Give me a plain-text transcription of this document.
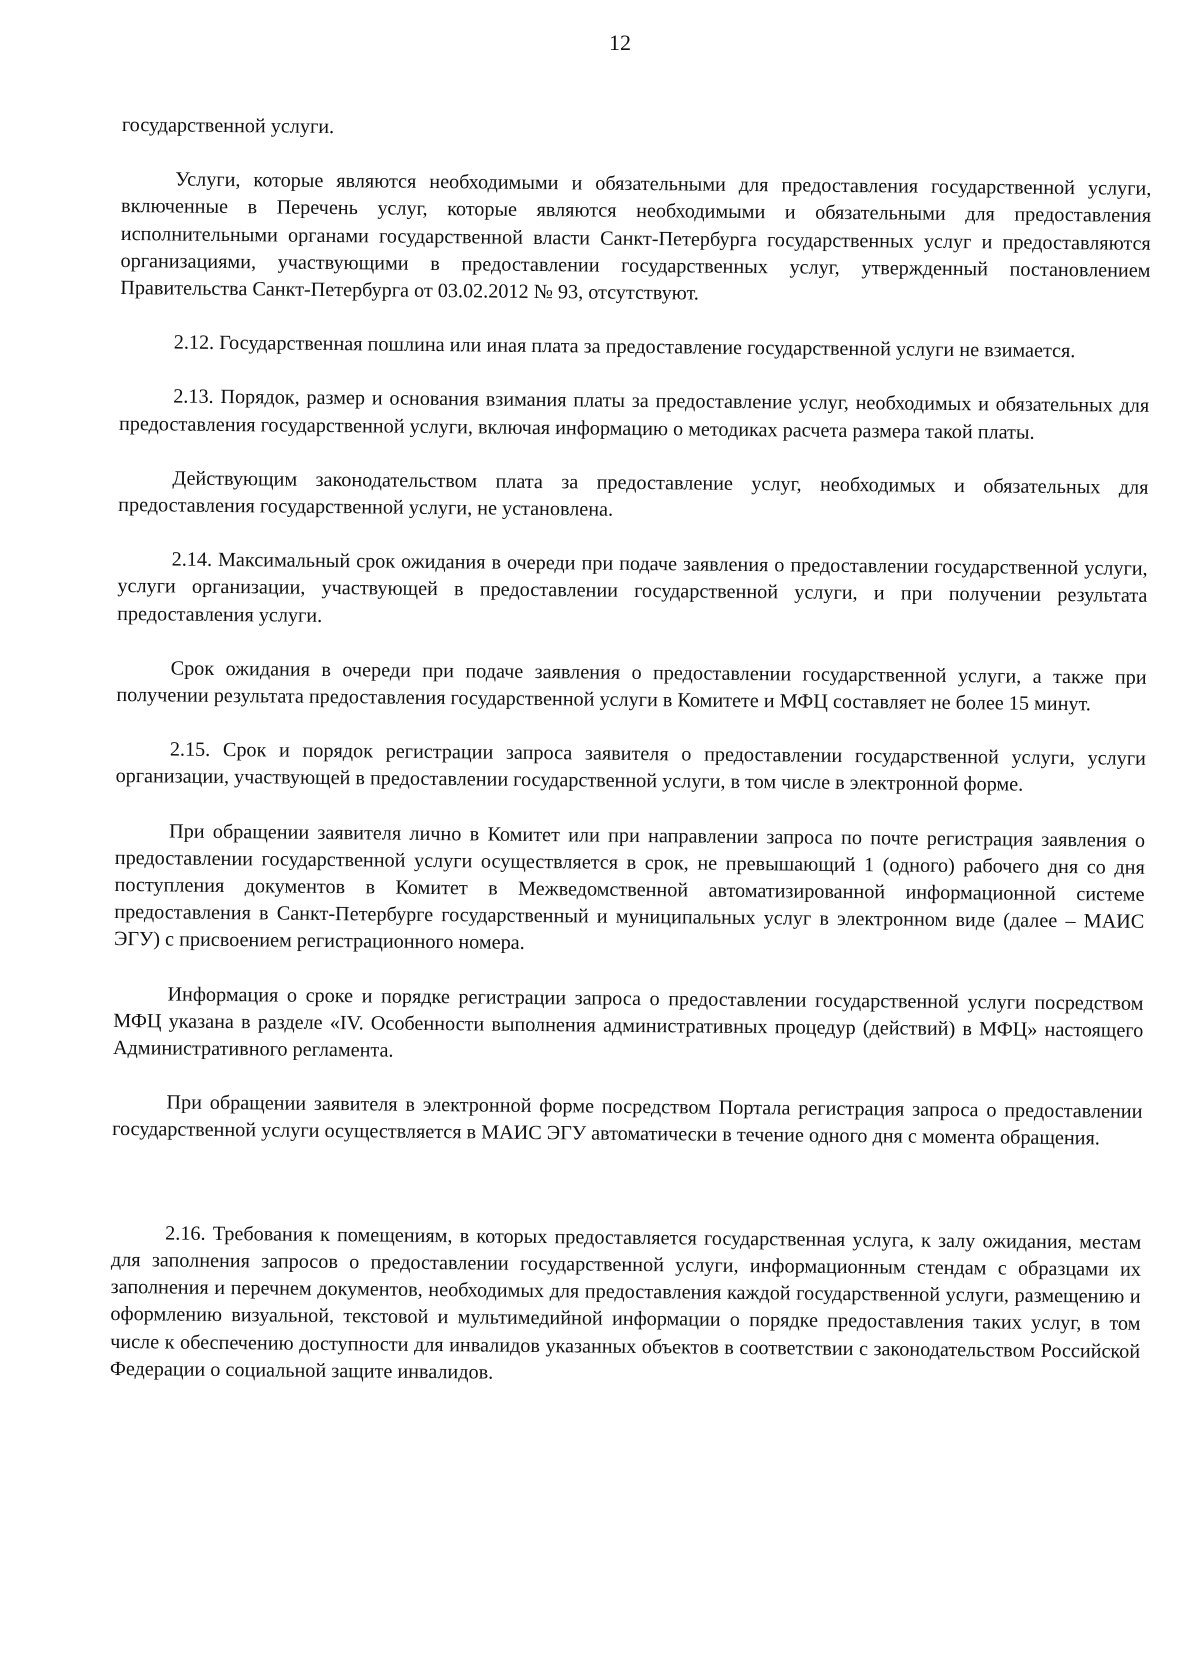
12

государственной услуги.

Услуги, которые являются необходимыми и обязательными для предоставления государственной услуги, включенные в Перечень услуг, которые являются необходимыми и обязательными для предоставления исполнительными органами государственной власти Санкт-Петербурга государственных услуг и предоставляются организациями, участвующими в предоставлении государственных услуг, утвержденный постановлением Правительства Санкт-Петербурга от 03.02.2012 № 93, отсутствуют.

2.12. Государственная пошлина или иная плата за предоставление государственной услуги не взимается.

2.13. Порядок, размер и основания взимания платы за предоставление услуг, необходимых и обязательных для предоставления государственной услуги, включая информацию о методиках расчета размера такой платы.

Действующим законодательством плата за предоставление услуг, необходимых и обязательных для предоставления государственной услуги, не установлена.

2.14. Максимальный срок ожидания в очереди при подаче заявления о предоставлении государственной услуги, услуги организации, участвующей в предоставлении государственной услуги, и при получении результата предоставления услуги.

Срок ожидания в очереди при подаче заявления о предоставлении государственной услуги, а также при получении результата предоставления государственной услуги в Комитете и МФЦ составляет не более 15 минут.

2.15. Срок и порядок регистрации запроса заявителя о предоставлении государственной услуги, услуги организации, участвующей в предоставлении государственной услуги, в том числе в электронной форме.

При обращении заявителя лично в Комитет или при направлении запроса по почте регистрация заявления о предоставлении государственной услуги осуществляется в срок, не превышающий 1 (одного) рабочего дня со дня поступления документов в Комитет в Межведомственной автоматизированной информационной системе предоставления в Санкт-Петербурге государственный и муниципальных услуг в электронном виде (далее – МАИС ЭГУ) с присвоением регистрационного номера.

Информация о сроке и порядке регистрации запроса о предоставлении государственной услуги посредством МФЦ указана в разделе «IV. Особенности выполнения административных процедур (действий) в МФЦ» настоящего Административного регламента.

При обращении заявителя в электронной форме посредством Портала регистрация запроса о предоставлении государственной услуги осуществляется в МАИС ЭГУ автоматически в течение одного дня с момента обращения.

2.16. Требования к помещениям, в которых предоставляется государственная услуга, к залу ожидания, местам для заполнения запросов о предоставлении государственной услуги, информационным стендам с образцами их заполнения и перечнем документов, необходимых для предоставления каждой государственной услуги, размещению и оформлению визуальной, текстовой и мультимедийной информации о порядке предоставления таких услуг, в том числе к обеспечению доступности для инвалидов указанных объектов в соответствии с законодательством Российской Федерации о социальной защите инвалидов.
